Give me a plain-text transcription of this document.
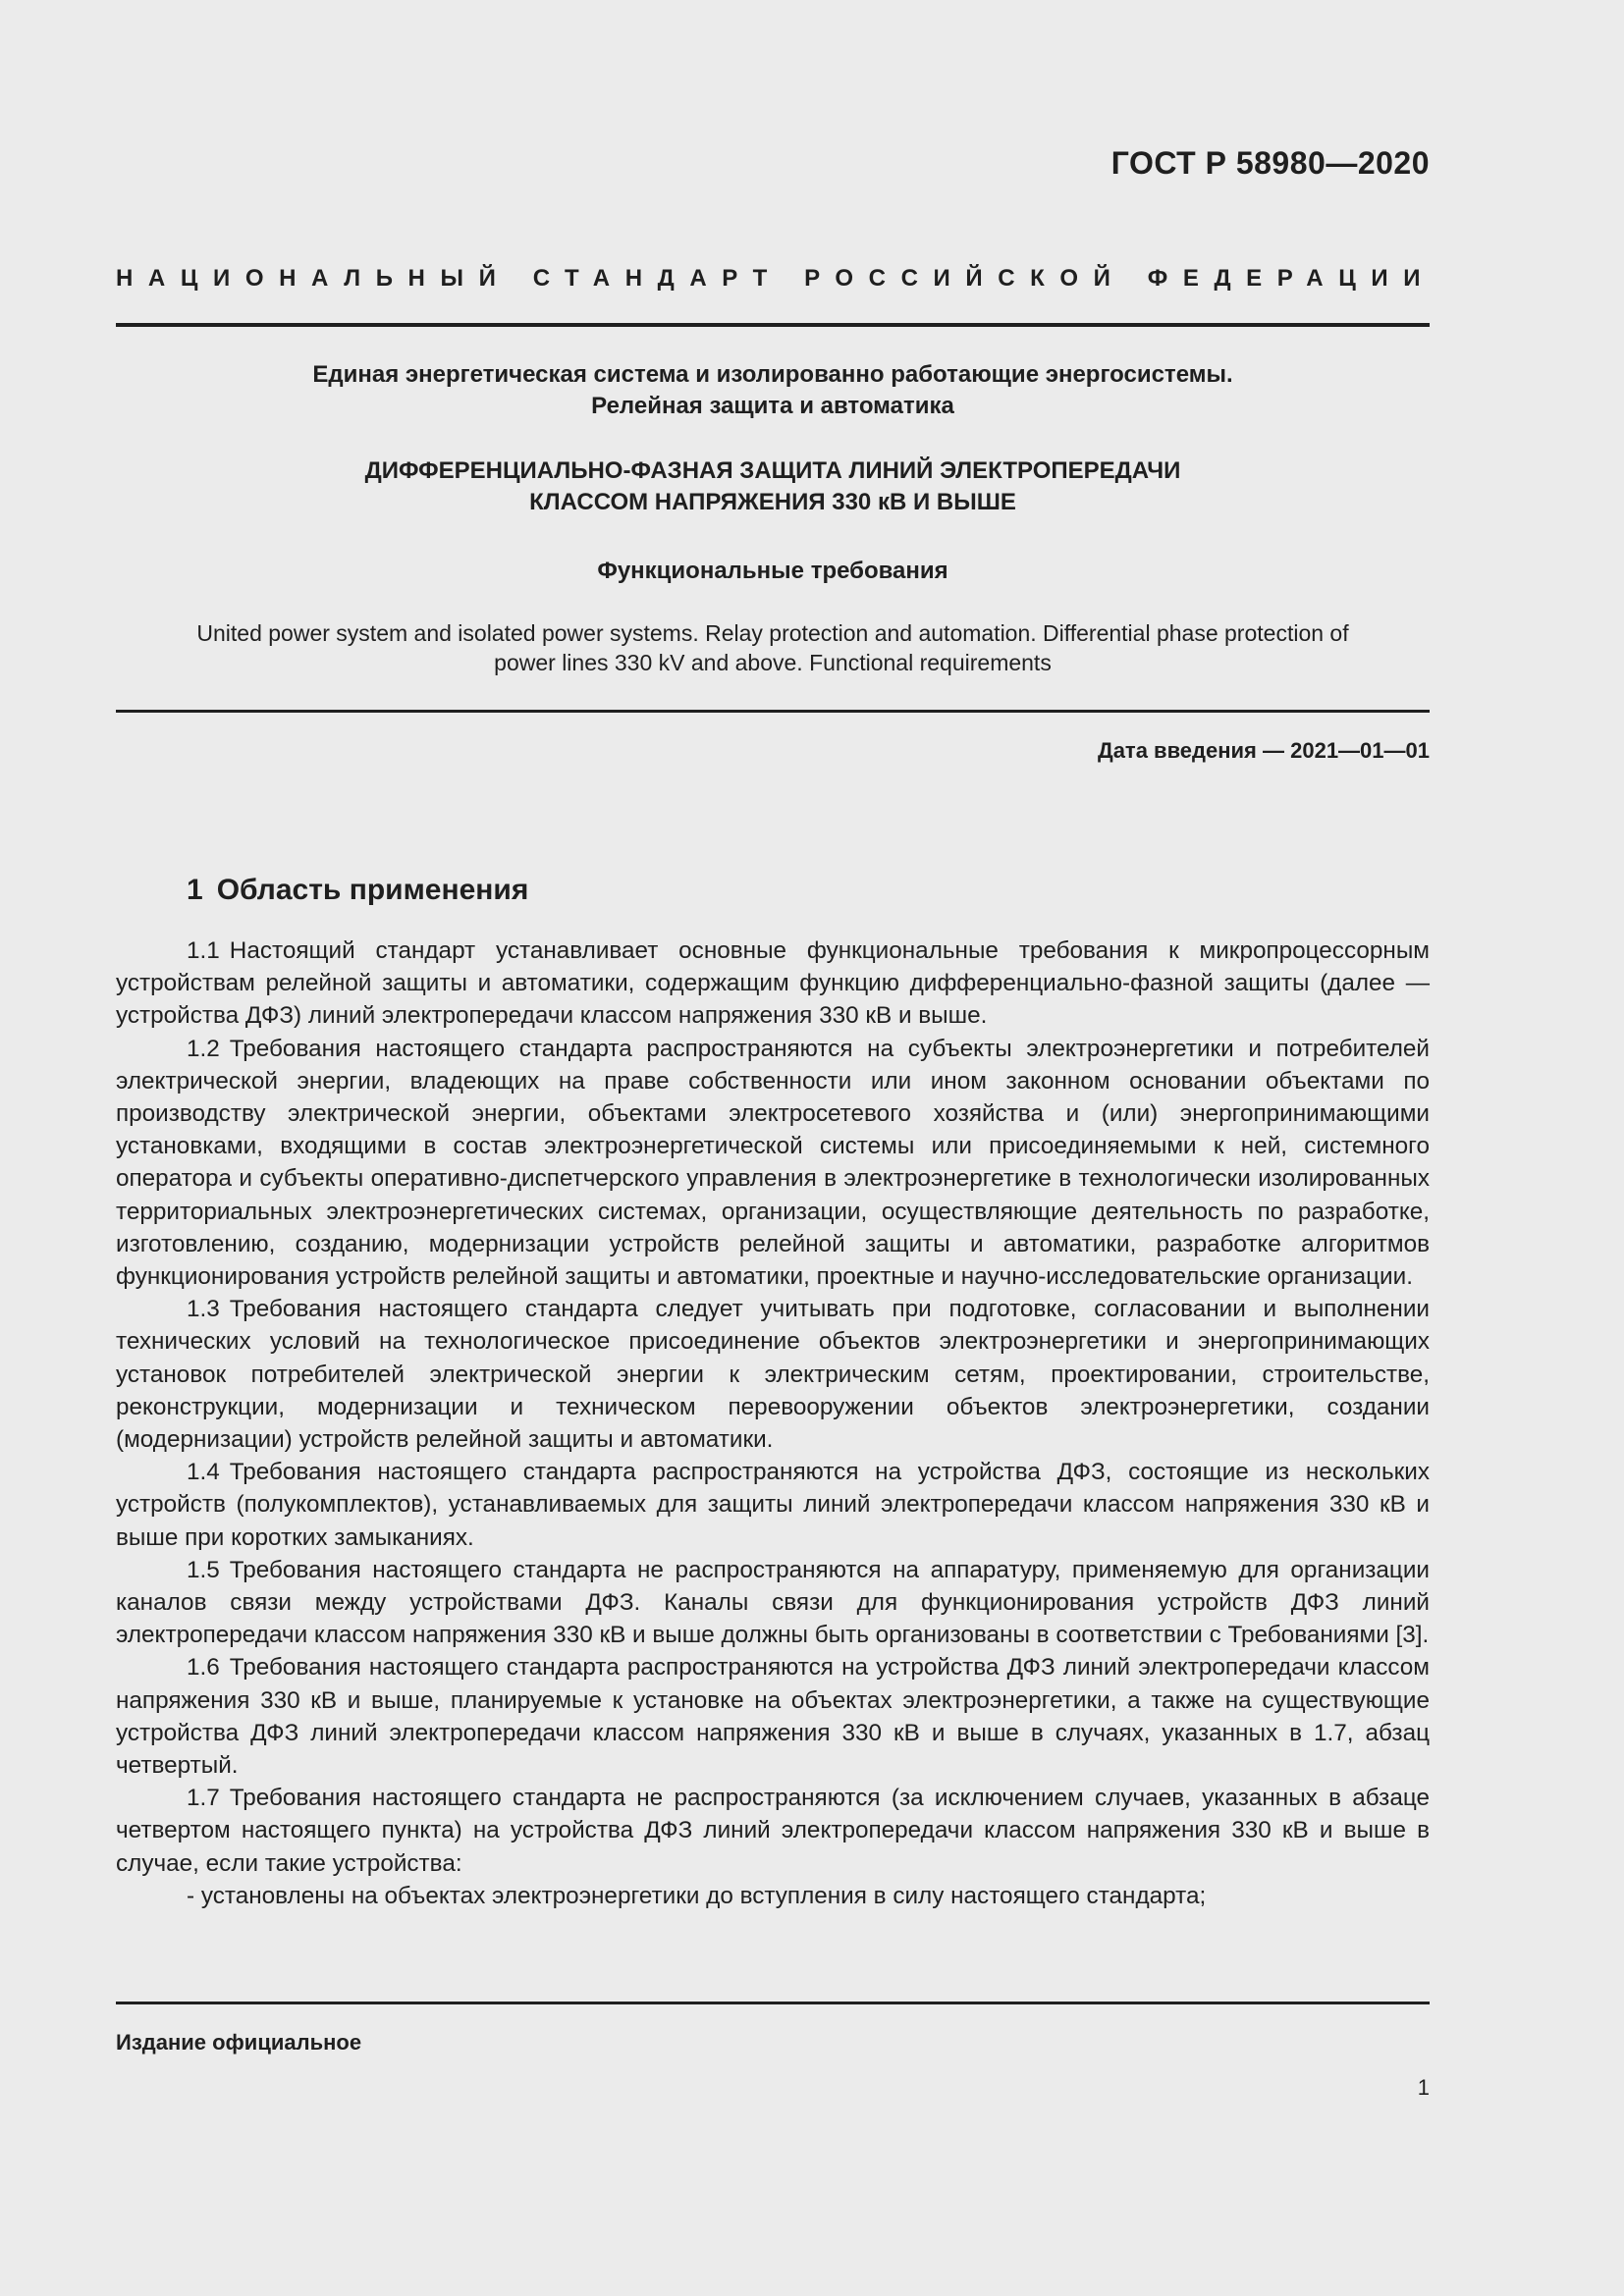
ГОСТ Р 58980—2020
НАЦИОНАЛЬНЫЙ СТАНДАРТ РОССИЙСКОЙ ФЕДЕРАЦИИ
Единая энергетическая система и изолированно работающие энергосистемы.
Релейная защита и автоматика
ДИФФЕРЕНЦИАЛЬНО-ФАЗНАЯ ЗАЩИТА ЛИНИЙ ЭЛЕКТРОПЕРЕДАЧИ
КЛАССОМ НАПРЯЖЕНИЯ 330 кВ И ВЫШЕ
Функциональные требования
United power system and isolated power systems. Relay protection and automation. Differential phase protection of
power lines 330 kV and above. Functional requirements
Дата введения — 2021—01—01
1 Область применения

1.1 Настоящий стандарт устанавливает основные функциональные требования к микропроцессорным устройствам релейной защиты и автоматики, содержащим функцию дифференциально-фазной защиты (далее — устройства ДФЗ) линий электропередачи классом напряжения 330 кВ и выше.

1.2 Требования настоящего стандарта распространяются на субъекты электроэнергетики и потребителей электрической энергии, владеющих на праве собственности или ином законном основании объектами по производству электрической энергии, объектами электросетевого хозяйства и (или) энергопринимающими установками, входящими в состав электроэнергетической системы или присоединяемыми к ней, системного оператора и субъекты оперативно-диспетчерского управления в электроэнергетике в технологически изолированных территориальных электроэнергетических системах, организации, осуществляющие деятельность по разработке, изготовлению, созданию, модернизации устройств релейной защиты и автоматики, разработке алгоритмов функционирования устройств релейной защиты и автоматики, проектные и научно-исследовательские организации.

1.3 Требования настоящего стандарта следует учитывать при подготовке, согласовании и выполнении технических условий на технологическое присоединение объектов электроэнергетики и энергопринимающих установок потребителей электрической энергии к электрическим сетям, проектировании, строительстве, реконструкции, модернизации и техническом перевооружении объектов электроэнергетики, создании (модернизации) устройств релейной защиты и автоматики.

1.4 Требования настоящего стандарта распространяются на устройства ДФЗ, состоящие из нескольких устройств (полукомплектов), устанавливаемых для защиты линий электропередачи классом напряжения 330 кВ и выше при коротких замыканиях.

1.5 Требования настоящего стандарта не распространяются на аппаратуру, применяемую для организации каналов связи между устройствами ДФЗ. Каналы связи для функционирования устройств ДФЗ линий электропередачи классом напряжения 330 кВ и выше должны быть организованы в соответствии с Требованиями [3].

1.6 Требования настоящего стандарта распространяются на устройства ДФЗ линий электропередачи классом напряжения 330 кВ и выше, планируемые к установке на объектах электроэнергетики, а также на существующие устройства ДФЗ линий электропередачи классом напряжения 330 кВ и выше в случаях, указанных в 1.7, абзац четвертый.

1.7 Требования настоящего стандарта не распространяются (за исключением случаев, указанных в абзаце четвертом настоящего пункта) на устройства ДФЗ линий электропередачи классом напряжения 330 кВ и выше в случае, если такие устройства:

- установлены на объектах электроэнергетики до вступления в силу настоящего стандарта;

Издание официальное
1
